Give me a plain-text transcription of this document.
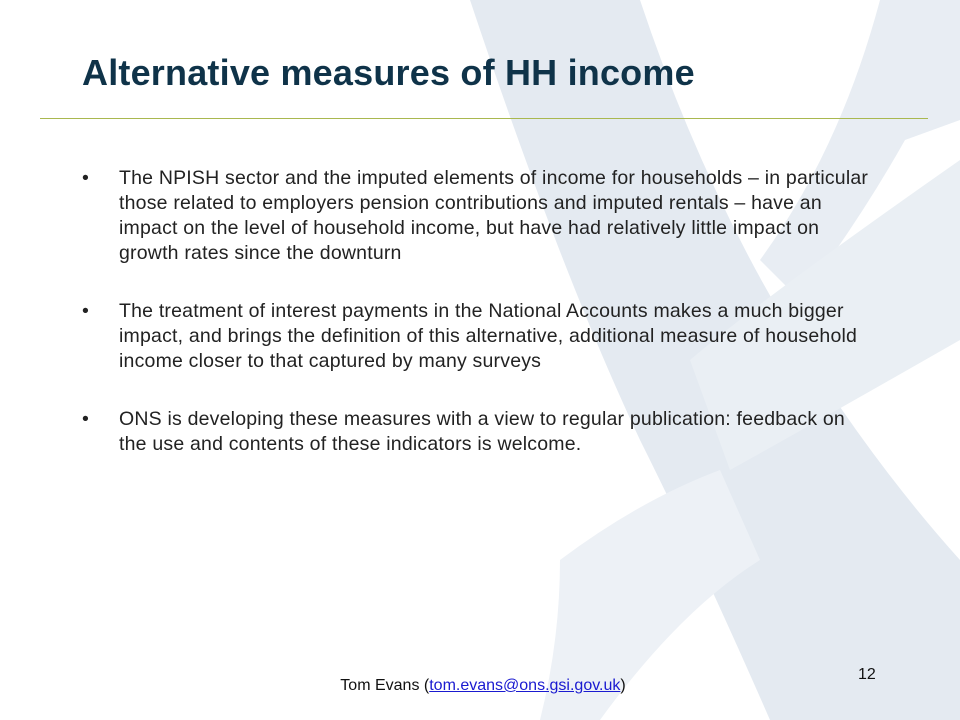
Alternative measures of HH income
•	The NPISH sector and the imputed elements of income for households – in particular those related to employers pension contributions and imputed rentals – have an impact on the level of household income, but have had relatively little impact on growth rates since the downturn
•	The treatment of interest payments in the National Accounts makes a much bigger impact, and brings the definition of this alternative, additional measure of household income closer to that captured by many surveys
•	ONS is developing these measures with a view to regular publication: feedback on the use and contents of these indicators is welcome.
Tom Evans (tom.evans@ons.gsi.gov.uk)
12
